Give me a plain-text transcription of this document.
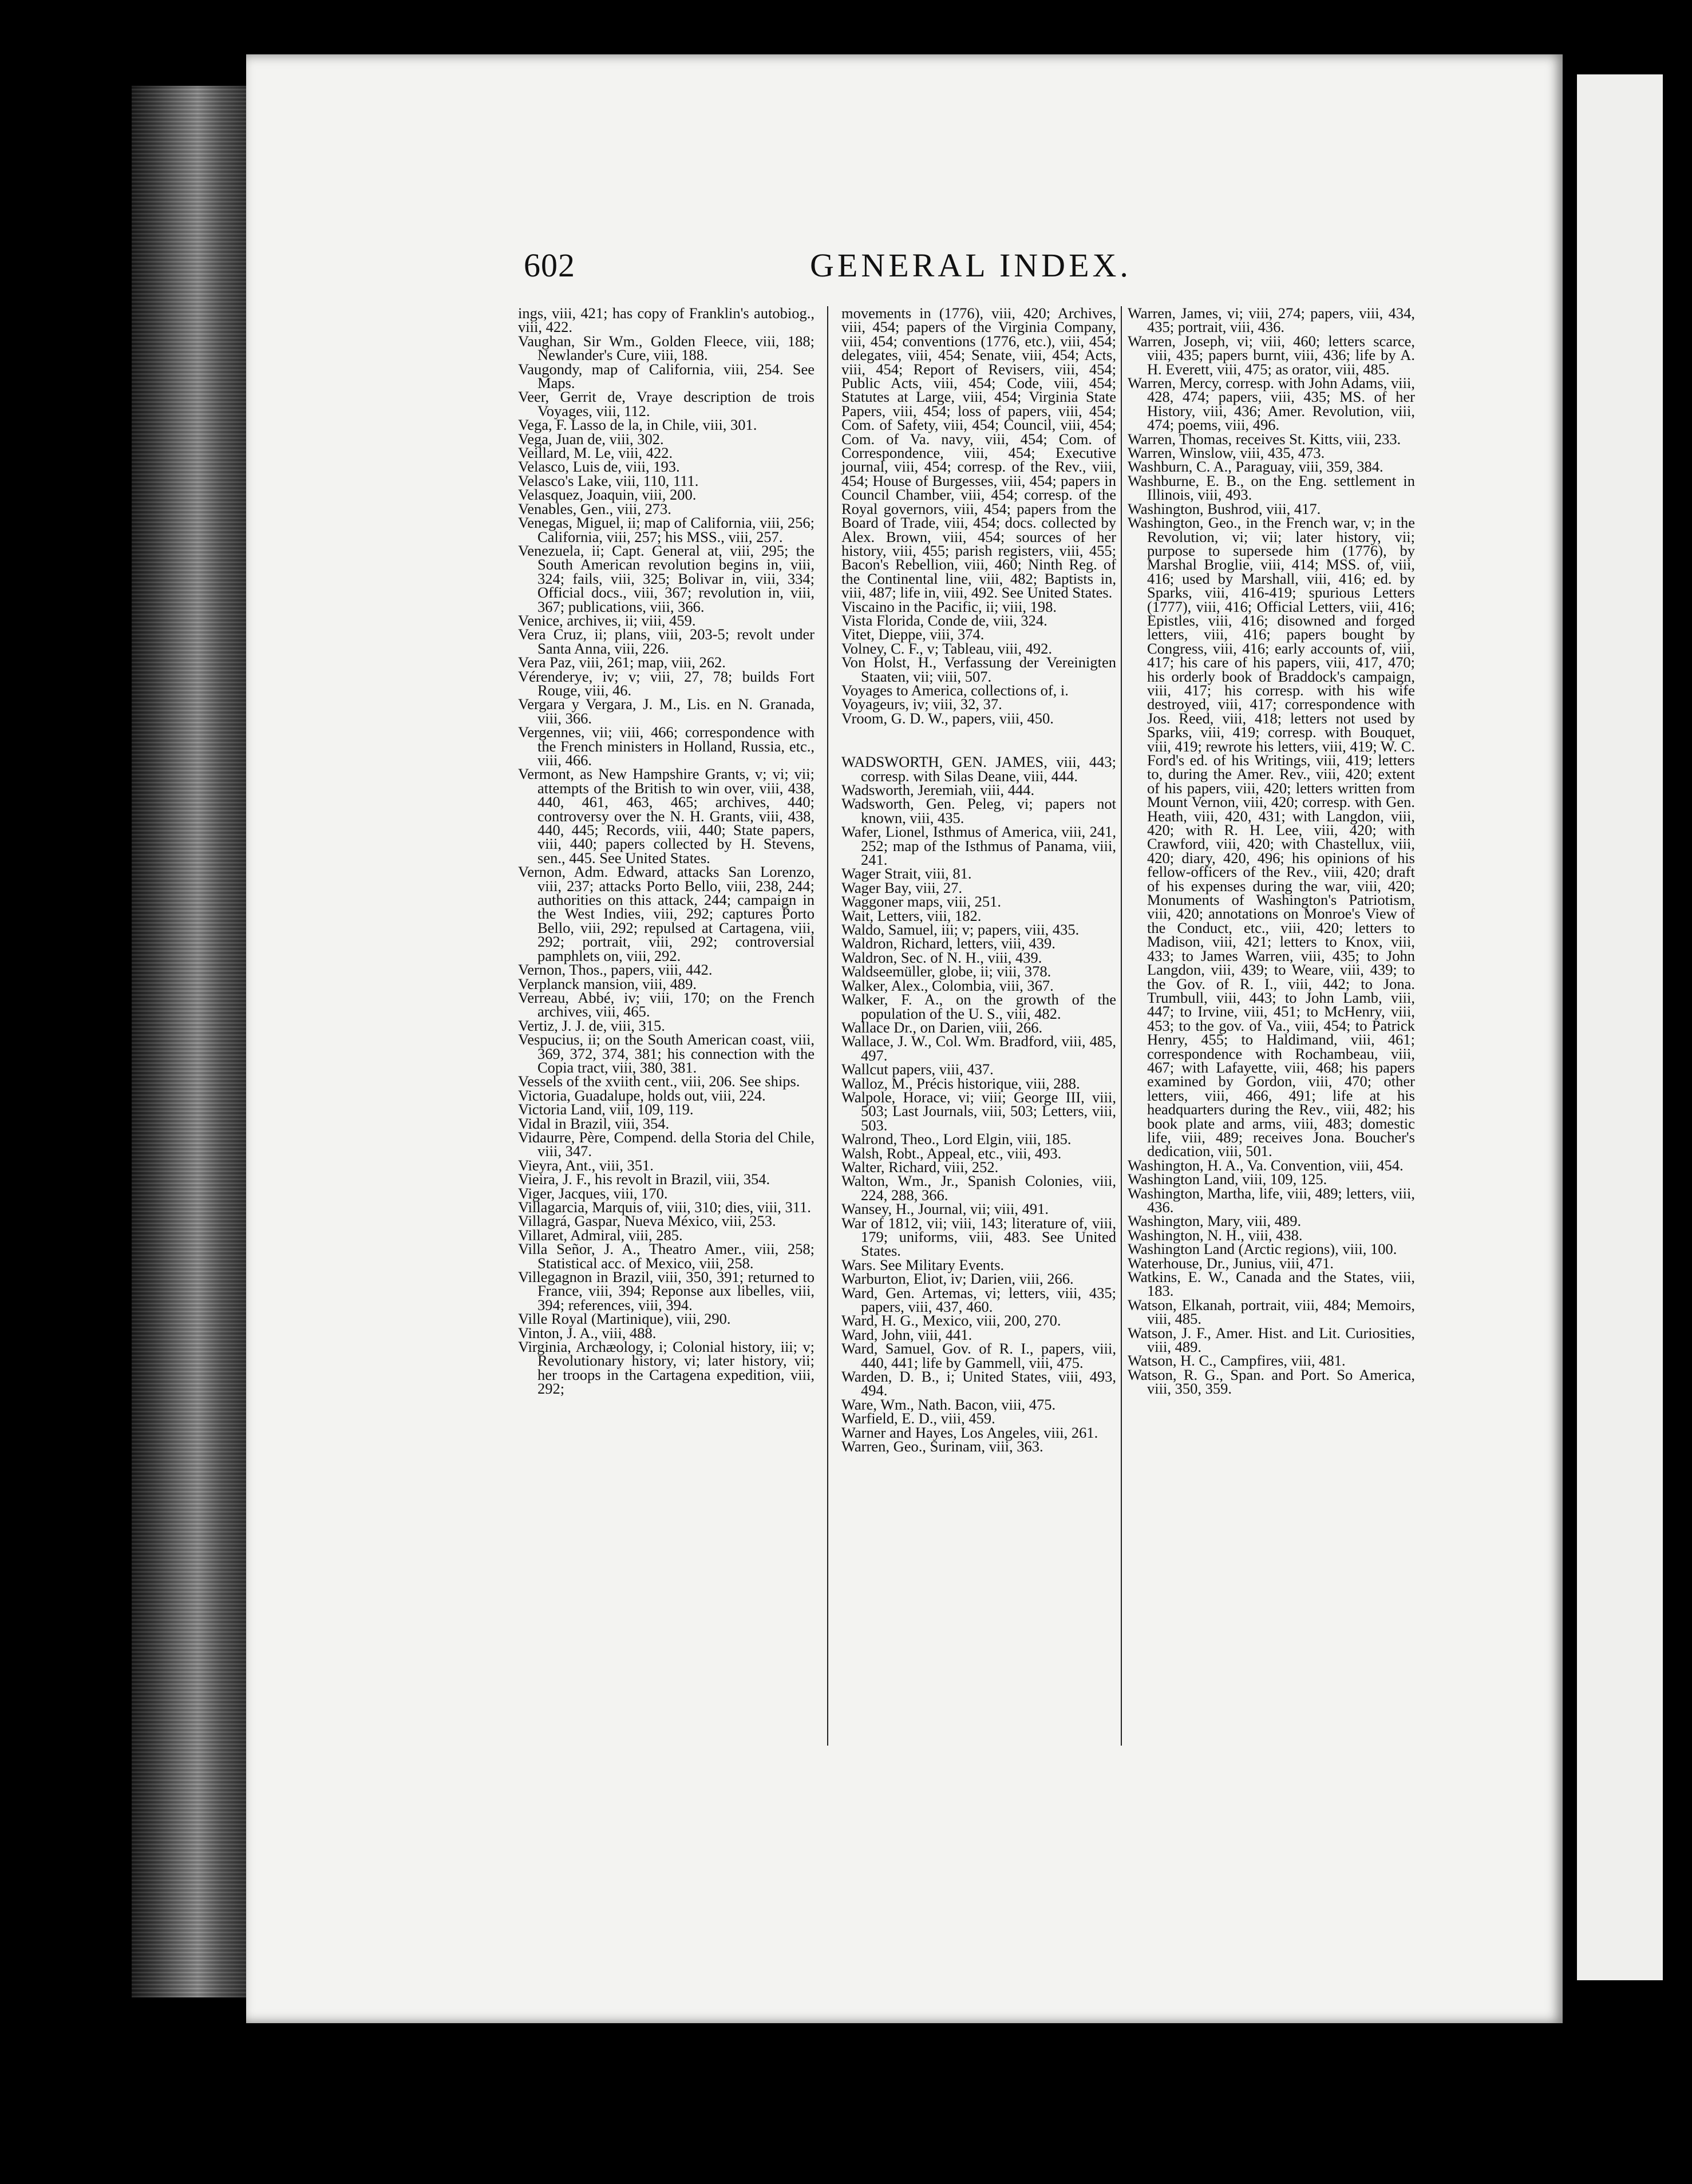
602	GENERAL INDEX.

ings, viii, 421; has copy of Franklin's autobiog., viii, 422.

Vaughan, Sir Wm., Golden Fleece, viii, 188; Newlander's Cure, viii, 188.

Vaugondy, map of California, viii, 254. See Maps.

Veer, Gerrit de, Vraye description de trois Voyages, viii, 112.

Vega, F. Lasso de la, in Chile, viii, 301.

Vega, Juan de, viii, 302.

Veillard, M. Le, viii, 422.

Velasco, Luis de, viii, 193.

Velasco's Lake, viii, 110, 111.

Velasquez, Joaquin, viii, 200.

Venables, Gen., viii, 273.

Venegas, Miguel, ii; map of California, viii, 256; California, viii, 257; his MSS., viii, 257.

Venezuela, ii; Capt. General at, viii, 295; the South American revolution begins in, viii, 324; fails, viii, 325; Bolivar in, viii, 334; Official docs., viii, 367; revolution in, viii, 367; publications, viii, 366.

Venice, archives, ii; viii, 459.

Vera Cruz, ii; plans, viii, 203-5; revolt under Santa Anna, viii, 226.

Vera Paz, viii, 261; map, viii, 262.

Vérenderye, iv; v; viii, 27, 78; builds Fort Rouge, viii, 46.

Vergara y Vergara, J. M., Lis. en N. Granada, viii, 366.

Vergennes, vii; viii, 466; correspondence with the French ministers in Holland, Russia, etc., viii, 466.

Vermont, as New Hampshire Grants, v; vi; vii; attempts of the British to win over, viii, 438, 440, 461, 463, 465; archives, 440; controversy over the N. H. Grants, viii, 438, 440, 445; Records, viii, 440; State papers, viii, 440; papers collected by H. Stevens, sen., 445. See United States.

Vernon, Adm. Edward, attacks San Lorenzo, viii, 237; attacks Porto Bello, viii, 238, 244; authorities on this attack, 244; campaign in the West Indies, viii, 292; captures Porto Bello, viii, 292; repulsed at Cartagena, viii, 292; portrait, viii, 292; controversial pamphlets on, viii, 292.

Vernon, Thos., papers, viii, 442.

Verplanck mansion, viii, 489.

Verreau, Abbé, iv; viii, 170; on the French archives, viii, 465.

Vertiz, J. J. de, viii, 315.

Vespucius, ii; on the South American coast, viii, 369, 372, 374, 381; his connection with the Copia tract, viii, 380, 381.

Vessels of the xviith cent., viii, 206. See ships.

Victoria, Guadalupe, holds out, viii, 224.

Victoria Land, viii, 109, 119.

Vidal in Brazil, viii, 354.

Vidaurre, Père, Compend. della Storia del Chile, viii, 347.

Vieyra, Ant., viii, 351.

Vieira, J. F., his revolt in Brazil, viii, 354.

Viger, Jacques, viii, 170.

Villagarcia, Marquis of, viii, 310; dies, viii, 311.

Villagrá, Gaspar, Nueva México, viii, 253.

Villaret, Admiral, viii, 285.

Villa Señor, J. A., Theatro Amer., viii, 258; Statistical acc. of Mexico, viii, 258.

Villegagnon in Brazil, viii, 350, 391; returned to France, viii, 394; Reponse aux libelles, viii, 394; references, viii, 394.

Ville Royal (Martinique), viii, 290.

Vinton, J. A., viii, 488.

Virginia, Archæology, i; Colonial history, iii; v; Revolutionary history, vi; later history, vii; her troops in the Cartagena expedition, viii, 292;

movements in (1776), viii, 420; Archives, viii, 454; papers of the Virginia Company, viii, 454; conventions (1776, etc.), viii, 454; delegates, viii, 454; Senate, viii, 454; Acts, viii, 454; Report of Revisers, viii, 454; Public Acts, viii, 454; Code, viii, 454; Statutes at Large, viii, 454; Virginia State Papers, viii, 454; loss of papers, viii, 454; Com. of Safety, viii, 454; Council, viii, 454; Com. of Va. navy, viii, 454; Com. of Correspondence, viii, 454; Executive journal, viii, 454; corresp. of the Rev., viii, 454; House of Burgesses, viii, 454; papers in Council Chamber, viii, 454; corresp. of the Royal governors, viii, 454; papers from the Board of Trade, viii, 454; docs. collected by Alex. Brown, viii, 454; sources of her history, viii, 455; parish registers, viii, 455; Bacon's Rebellion, viii, 460; Ninth Reg. of the Continental line, viii, 482; Baptists in, viii, 487; life in, viii, 492. See United States.

Viscaino in the Pacific, ii; viii, 198.

Vista Florida, Conde de, viii, 324.

Vitet, Dieppe, viii, 374.

Volney, C. F., v; Tableau, viii, 492.

Von Holst, H., Verfassung der Vereinigten Staaten, vii; viii, 507.

Voyages to America, collections of, i.

Voyageurs, iv; viii, 32, 37.

Vroom, G. D. W., papers, viii, 450.

WADSWORTH, GEN. JAMES, viii, 443; corresp. with Silas Deane, viii, 444.

Wadsworth, Jeremiah, viii, 444.

Wadsworth, Gen. Peleg, vi; papers not known, viii, 435.

Wafer, Lionel, Isthmus of America, viii, 241, 252; map of the Isthmus of Panama, viii, 241.

Wager Strait, viii, 81.

Wager Bay, viii, 27.

Waggoner maps, viii, 251.

Wait, Letters, viii, 182.

Waldo, Samuel, iii; v; papers, viii, 435.

Waldron, Richard, letters, viii, 439.

Waldron, Sec. of N. H., viii, 439.

Waldseemüller, globe, ii; viii, 378.

Walker, Alex., Colombia, viii, 367.

Walker, F. A., on the growth of the population of the U. S., viii, 482.

Wallace Dr., on Darien, viii, 266.

Wallace, J. W., Col. Wm. Bradford, viii, 485, 497.

Wallcut papers, viii, 437.

Walloz, M., Précis historique, viii, 288.

Walpole, Horace, vi; viii; George III, viii, 503; Last Journals, viii, 503; Letters, viii, 503.

Walrond, Theo., Lord Elgin, viii, 185.

Walsh, Robt., Appeal, etc., viii, 493.

Walter, Richard, viii, 252.

Walton, Wm., Jr., Spanish Colonies, viii, 224, 288, 366.

Wansey, H., Journal, vii; viii, 491.

War of 1812, vii; viii, 143; literature of, viii, 179; uniforms, viii, 483. See United States.

Wars. See Military Events.

Warburton, Eliot, iv; Darien, viii, 266.

Ward, Gen. Artemas, vi; letters, viii, 435; papers, viii, 437, 460.

Ward, H. G., Mexico, viii, 200, 270.

Ward, John, viii, 441.

Ward, Samuel, Gov. of R. I., papers, viii, 440, 441; life by Gammell, viii, 475.

Warden, D. B., i; United States, viii, 493, 494.

Ware, Wm., Nath. Bacon, viii, 475.

Warfield, E. D., viii, 459.

Warner and Hayes, Los Angeles, viii, 261.

Warren, Geo., Surinam, viii, 363.

Warren, James, vi; viii, 274; papers, viii, 434, 435; portrait, viii, 436.

Warren, Joseph, vi; viii, 460; letters scarce, viii, 435; papers burnt, viii, 436; life by A. H. Everett, viii, 475; as orator, viii, 485.

Warren, Mercy, corresp. with John Adams, viii, 428, 474; papers, viii, 435; MS. of her History, viii, 436; Amer. Revolution, viii, 474; poems, viii, 496.

Warren, Thomas, receives St. Kitts, viii, 233.

Warren, Winslow, viii, 435, 473.

Washburn, C. A., Paraguay, viii, 359, 384.

Washburne, E. B., on the Eng. settlement in Illinois, viii, 493.

Washington, Bushrod, viii, 417.

Washington, Geo., in the French war, v; in the Revolution, vi; vii; later history, vii; purpose to supersede him (1776), by Marshal Broglie, viii, 414; MSS. of, viii, 416; used by Marshall, viii, 416; ed. by Sparks, viii, 416-419; spurious Letters (1777), viii, 416; Official Letters, viii, 416; Epistles, viii, 416; disowned and forged letters, viii, 416; papers bought by Congress, viii, 416; early accounts of, viii, 417; his care of his papers, viii, 417, 470; his orderly book of Braddock's campaign, viii, 417; his corresp. with his wife destroyed, viii, 417; correspondence with Jos. Reed, viii, 418; letters not used by Sparks, viii, 419; corresp. with Bouquet, viii, 419; rewrote his letters, viii, 419; W. C. Ford's ed. of his Writings, viii, 419; letters to, during the Amer. Rev., viii, 420; extent of his papers, viii, 420; letters written from Mount Vernon, viii, 420; corresp. with Gen. Heath, viii, 420, 431; with Langdon, viii, 420; with R. H. Lee, viii, 420; with Crawford, viii, 420; with Chastellux, viii, 420; diary, 420, 496; his opinions of his fellow-officers of the Rev., viii, 420; draft of his expenses during the war, viii, 420; Monuments of Washington's Patriotism, viii, 420; annotations on Monroe's View of the Conduct, etc., viii, 420; letters to Madison, viii, 421; letters to Knox, viii, 433; to James Warren, viii, 435; to John Langdon, viii, 439; to Weare, viii, 439; to the Gov. of R. I., viii, 442; to Jona. Trumbull, viii, 443; to John Lamb, viii, 447; to Irvine, viii, 451; to McHenry, viii, 453; to the gov. of Va., viii, 454; to Patrick Henry, 455; to Haldimand, viii, 461; correspondence with Rochambeau, viii, 467; with Lafayette, viii, 468; his papers examined by Gordon, viii, 470; other letters, viii, 466, 491; life at his headquarters during the Rev., viii, 482; his book plate and arms, viii, 483; domestic life, viii, 489; receives Jona. Boucher's dedication, viii, 501.

Washington, H. A., Va. Convention, viii, 454.

Washington Land, viii, 109, 125.

Washington, Martha, life, viii, 489; letters, viii, 436.

Washington, Mary, viii, 489.

Washington, N. H., viii, 438.

Washington Land (Arctic regions), viii, 100.

Waterhouse, Dr., Junius, viii, 471.

Watkins, E. W., Canada and the States, viii, 183.

Watson, Elkanah, portrait, viii, 484; Memoirs, viii, 485.

Watson, J. F., Amer. Hist. and Lit. Curiosities, viii, 489.

Watson, H. C., Campfires, viii, 481.

Watson, R. G., Span. and Port. So America, viii, 350, 359.
